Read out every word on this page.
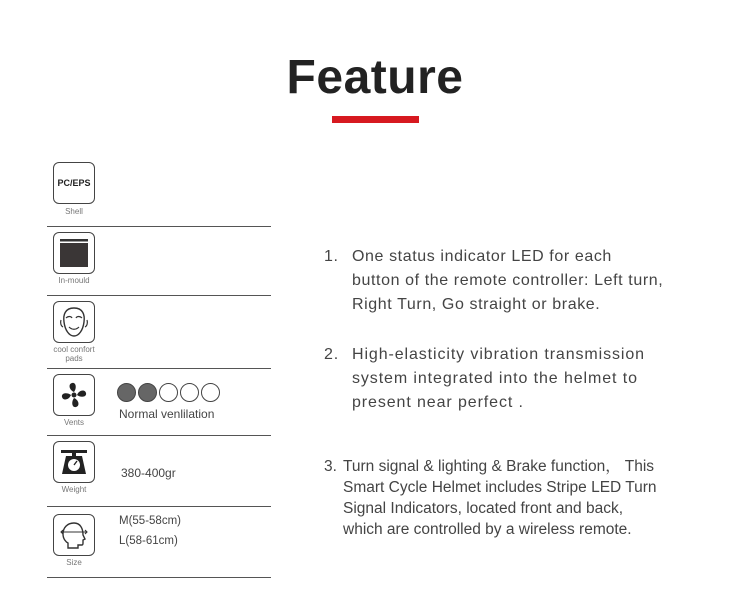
Feature
PC/EPS
Shell
In-mould
cool confort
pads
Vents
Normal venlilation
Weight
380-400gr
Size
M(55-58cm)
L(58-61cm)
1. One status indicator LED for each
button of the remote controller: Left turn,
Right Turn, Go straight or brake.
2. High-elasticity vibration transmission
system integrated into the helmet to
present near perfect .
3. Turn signal & lighting & Brake function， This
Smart Cycle Helmet includes Stripe LED Turn
Signal Indicators, located front and back,
which are controlled by a wireless remote.
